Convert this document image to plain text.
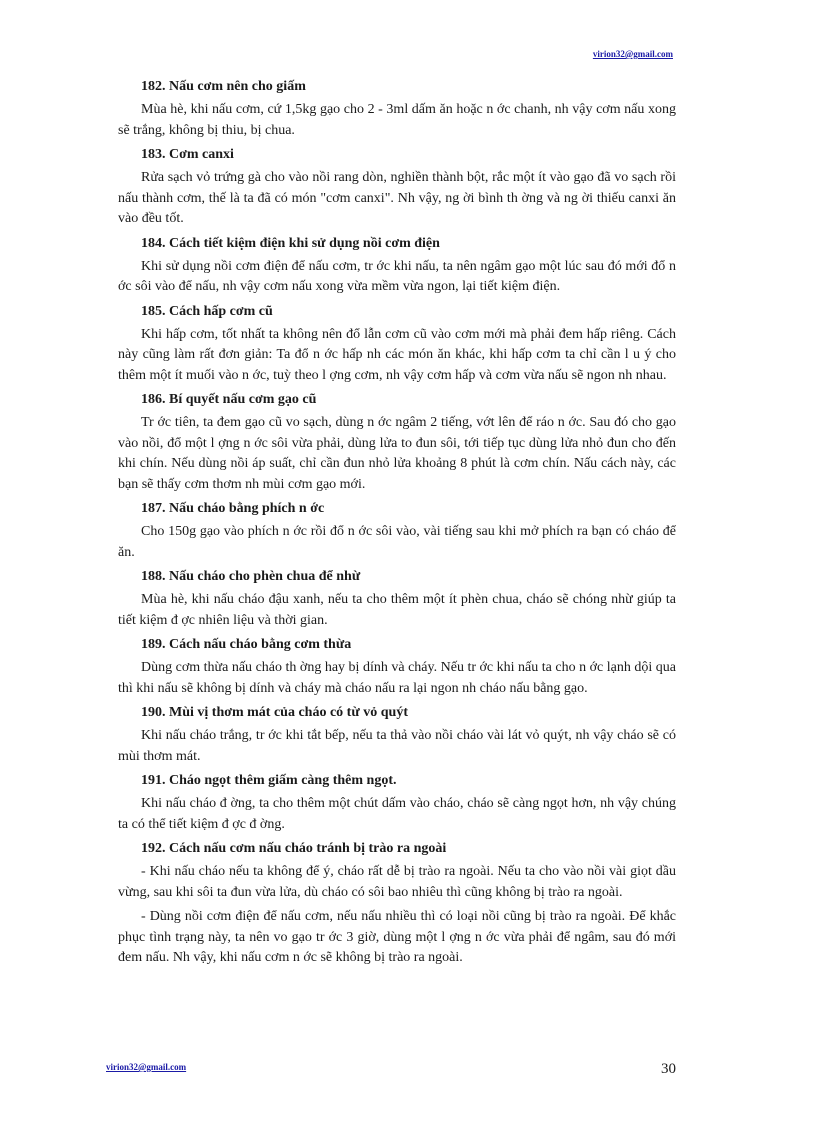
virion32@gmail.com
182. Nấu cơm nên cho giấm
Mùa hè, khi nấu cơm, cứ 1,5kg gạo cho 2 - 3ml dấm ăn hoặc n ớc chanh, nh vậy cơm nấu xong sẽ trắng, không bị thiu, bị chua.
183. Cơm canxi
Rửa sạch vỏ trứng gà cho vào nồi rang dòn, nghiền thành bột, rắc một ít vào gạo đã vo sạch rồi nấu thành cơm, thế là ta đã có món "cơm canxi". Nh vậy, ng ời bình th ờng và ng ời thiếu canxi ăn vào đều tốt.
184. Cách tiết kiệm điện khi sử dụng nồi cơm điện
Khi sử dụng nồi cơm điện để nấu cơm, tr ớc khi nấu, ta nên ngâm gạo một lúc sau đó mới đổ n ớc sôi vào để nấu, nh vậy cơm nấu xong vừa mềm vừa ngon, lại tiết kiệm điện.
185. Cách hấp cơm cũ
Khi hấp cơm, tốt nhất ta không nên đổ lẫn cơm cũ vào cơm mới mà phải đem hấp riêng. Cách này cũng làm rất đơn giản: Ta đổ n ớc hấp nh các món ăn khác, khi hấp cơm ta chỉ cần l u ý cho thêm một ít muối vào n ớc, tuỳ theo l ợng cơm, nh vậy cơm hấp và cơm vừa nấu sẽ ngon nh nhau.
186. Bí quyết nấu cơm gạo cũ
Tr ớc tiên, ta đem gạo cũ vo sạch, dùng n ớc ngâm 2 tiếng, vớt lên để ráo n ớc. Sau đó cho gạo vào nồi, đổ một l ợng n ớc sôi vừa phải, dùng lửa to đun sôi, tới tiếp tục dùng lửa nhỏ đun cho đến khi chín. Nếu dùng nồi áp suất, chỉ cần đun nhỏ lửa khoảng 8 phút là cơm chín. Nấu cách này, các bạn sẽ thấy cơm thơm nh mùi cơm gạo mới.
187. Nấu cháo bằng phích n ớc
Cho 150g gạo vào phích n ớc rồi đổ n ớc sôi vào, vài tiếng sau khi mở phích ra bạn có cháo để ăn.
188. Nấu cháo cho phèn chua để nhừ
Mùa hè, khi nấu cháo đậu xanh, nếu ta cho thêm một ít phèn chua, cháo sẽ chóng nhừ giúp ta tiết kiệm đ ợc nhiên liệu và thời gian.
189. Cách nấu cháo bằng cơm thừa
Dùng cơm thừa nấu cháo th ờng hay bị dính và cháy. Nếu tr ớc khi nấu ta cho n ớc lạnh dội qua thì khi nấu sẽ không bị dính và cháy mà cháo nấu ra lại ngon nh cháo nấu bằng gạo.
190. Mùi vị thơm mát của cháo có từ vỏ quýt
Khi nấu cháo trắng, tr ớc khi tắt bếp, nếu ta thả vào nồi cháo vài lát vỏ quýt, nh vậy cháo sẽ có mùi thơm mát.
191. Cháo ngọt thêm giấm càng thêm ngọt.
Khi nấu cháo đ ờng, ta cho thêm một chút dấm vào cháo, cháo sẽ càng ngọt hơn, nh vậy chúng ta có thể tiết kiệm đ ợc đ ờng.
192. Cách nấu cơm nấu cháo tránh bị trào ra ngoài
- Khi nấu cháo nếu ta không để ý, cháo rất dễ bị trào ra ngoài. Nếu ta cho vào nồi vài giọt dầu vừng, sau khi sôi ta đun vừa lửa, dù cháo có sôi bao nhiêu thì cũng không bị trào ra ngoài.
- Dùng nồi cơm điện để nấu cơm, nếu nấu nhiều thì có loại nồi cũng bị trào ra ngoài. Để khắc phục tình trạng này, ta nên vo gạo tr ớc 3 giờ, dùng một l ợng n ớc vừa phải để ngâm, sau đó mới đem nấu. Nh vậy, khi nấu cơm n ớc sẽ không bị trào ra ngoài.
virion32@gmail.com	30
